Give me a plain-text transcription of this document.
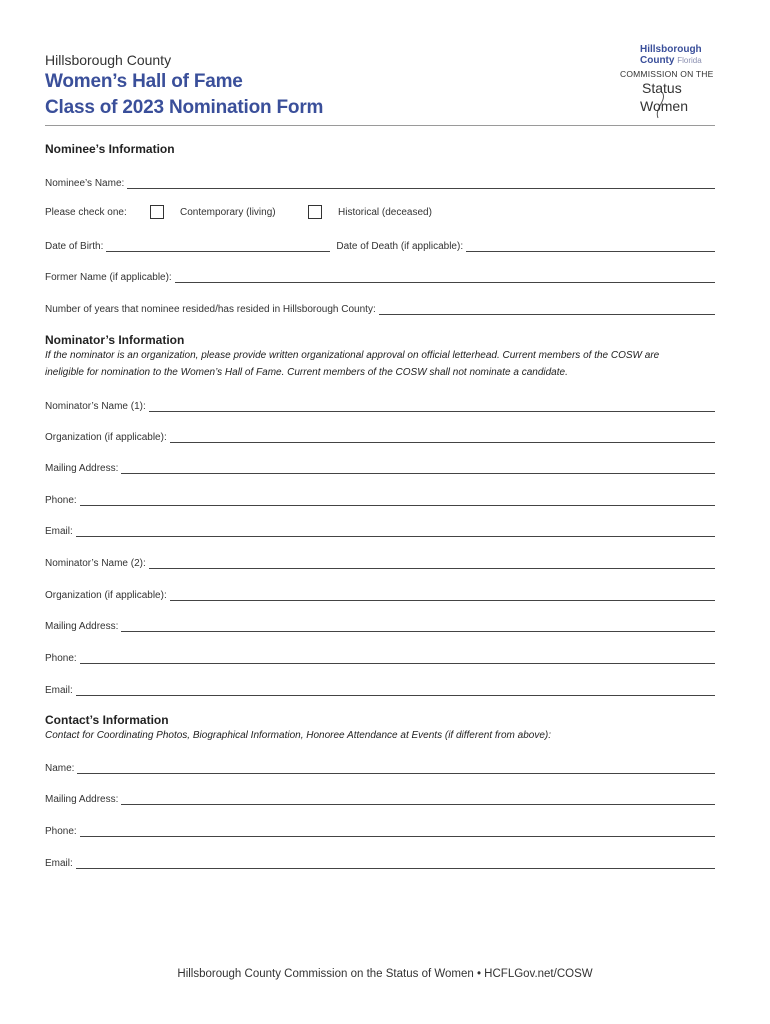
Hillsborough County
Women’s Hall of Fame
Class of 2023 Nomination Form
Hillsborough
County Florida
COMMISSION ON THE
Status
Women
Nominee’s Information
Nominee’s Name:
Please check one:	Contemporary (living)	Historical (deceased)
Date of Birth:	Date of Death (if applicable):
Former Name (if applicable):
Number of years that nominee resided/has resided in Hillsborough County:
Nominator’s Information
If the nominator is an organization, please provide written organizational approval on official letterhead. Current members of the COSW are
ineligible for nomination to the Women’s Hall of Fame. Current members of the COSW shall not nominate a candidate.
Nominator’s Name (1):
Organization (if applicable):
Mailing Address:
Phone:
Email:
Nominator’s Name (2):
Organization (if applicable):
Mailing Address:
Phone:
Email:
Contact’s Information
Contact for Coordinating Photos, Biographical Information, Honoree Attendance at Events (if different from above):
Name:
Mailing Address:
Phone:
Email:
Hillsborough County Commission on the Status of Women • HCFLGov.net/COSW
